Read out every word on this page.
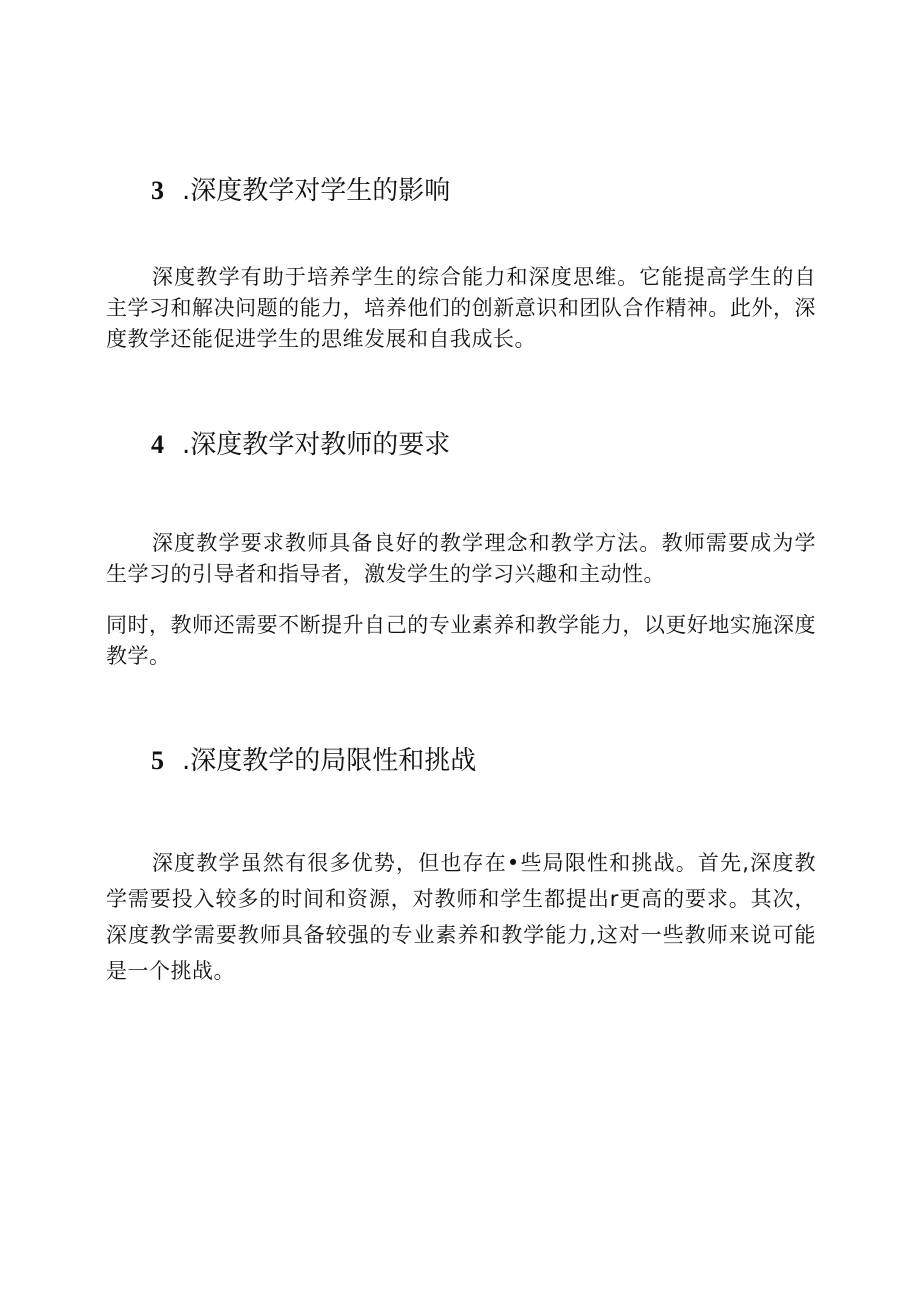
3 .深度教学对学生的影响

深度教学有助于培养学生的综合能力和深度思维。它能提高学生的自主学习和解决问题的能力，培养他们的创新意识和团队合作精神。此外，深度教学还能促进学生的思维发展和自我成长。

4 .深度教学对教师的要求

深度教学要求教师具备良好的教学理念和教学方法。教师需要成为学生学习的引导者和指导者，激发学生的学习兴趣和主动性。

同时，教师还需要不断提升自己的专业素养和教学能力，以更好地实施深度教学。

5 .深度教学的局限性和挑战

深度教学虽然有很多优势，但也存在•些局限性和挑战。首先,深度教学需要投入较多的时间和资源，对教师和学生都提出r更高的要求。其次，深度教学需要教师具备较强的专业素养和教学能力,这对一些教师来说可能是一个挑战。
